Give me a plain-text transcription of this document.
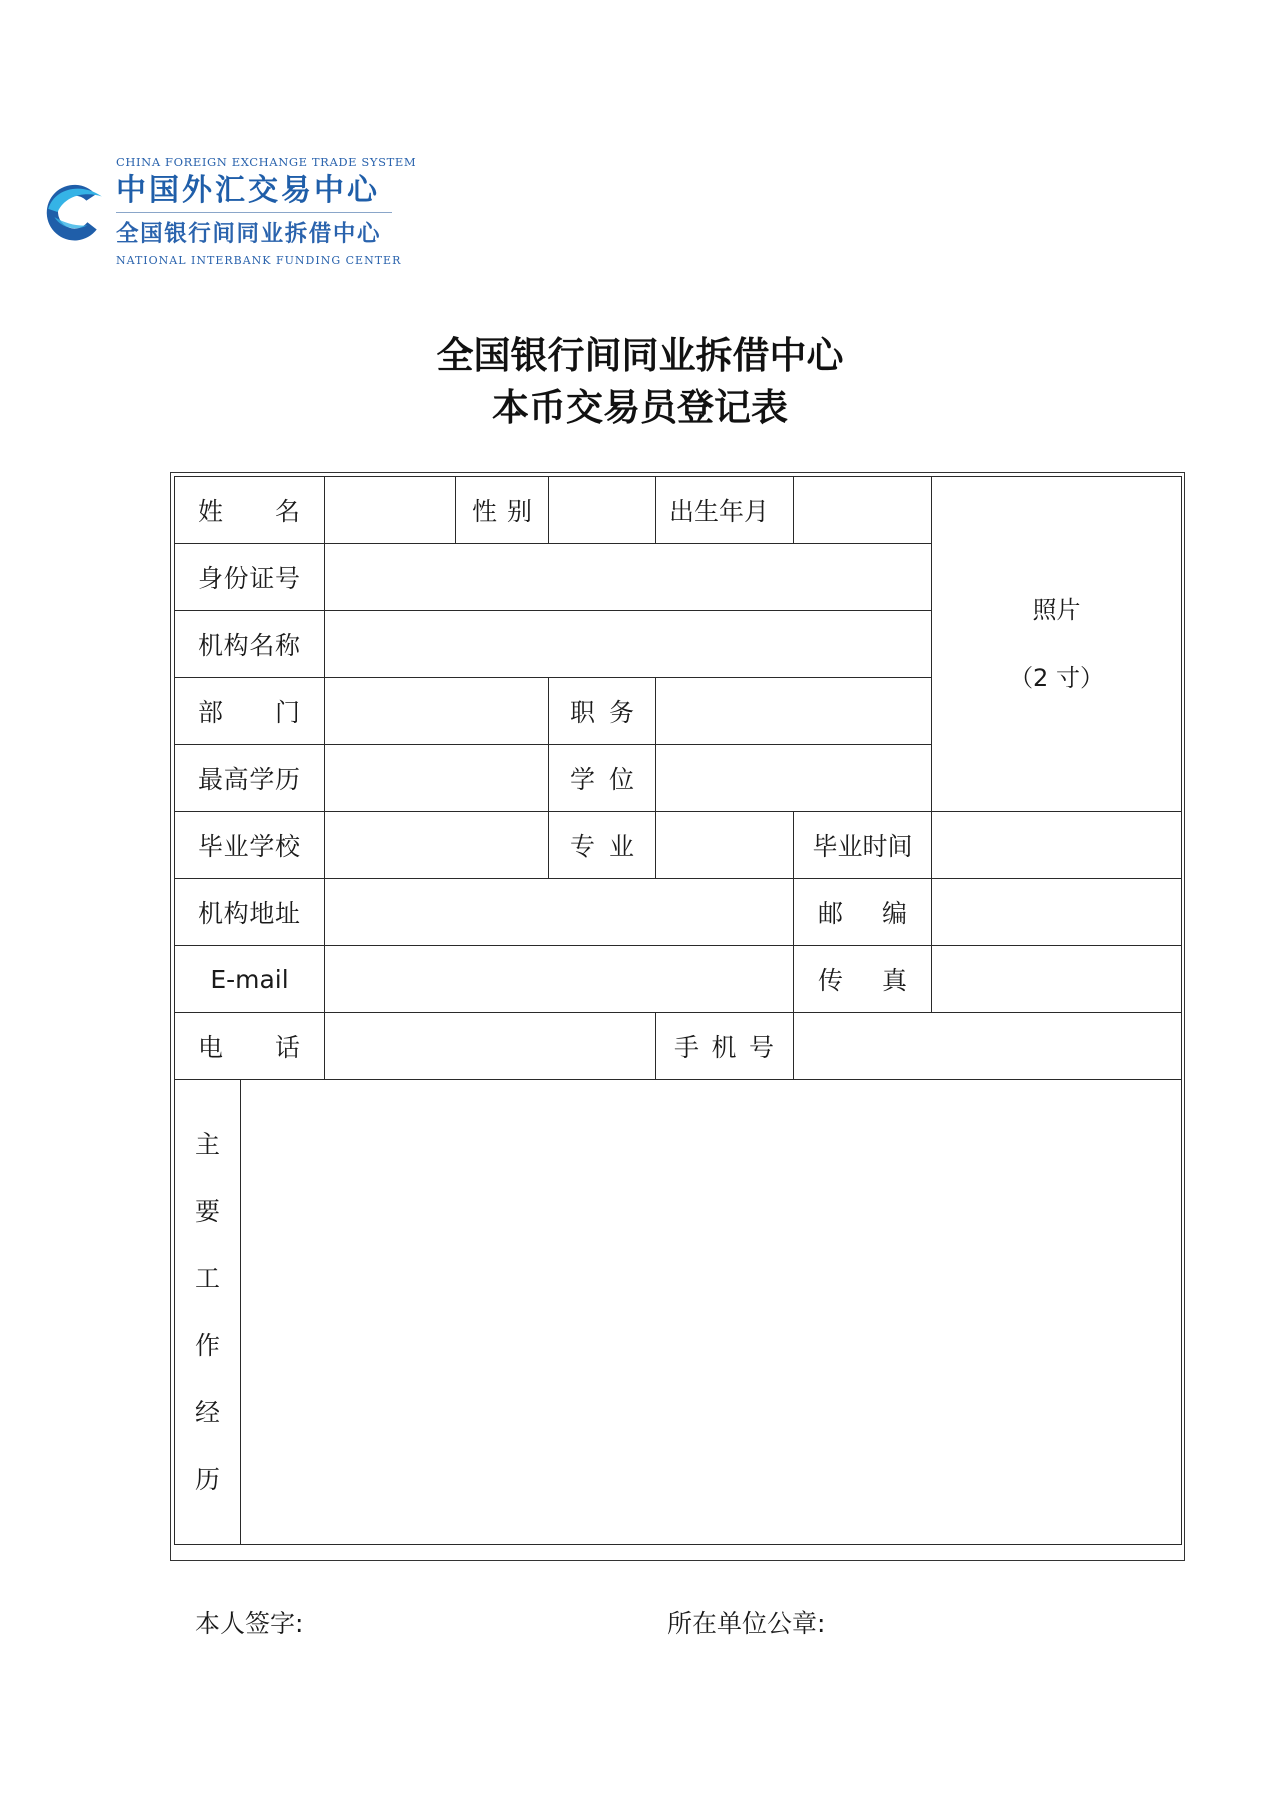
CHINA FOREIGN EXCHANGE TRADE SYSTEM
中国外汇交易中心
全国银行间同业拆借中心
NATIONAL INTERBANK FUNDING CENTER
全国银行间同业拆借中心
本币交易员登记表
姓 名			性 别		出生年月		照片
（2 寸）

身份证号							
机构名称							
部 门				职 务			
最高学历				学 位			
毕业学校				专 业		毕业时间	
机构地址						邮 编	
E-mail						传 真	
电 话					手 机 号		
主要工作经历							
本人签字:	所在单位公章:
